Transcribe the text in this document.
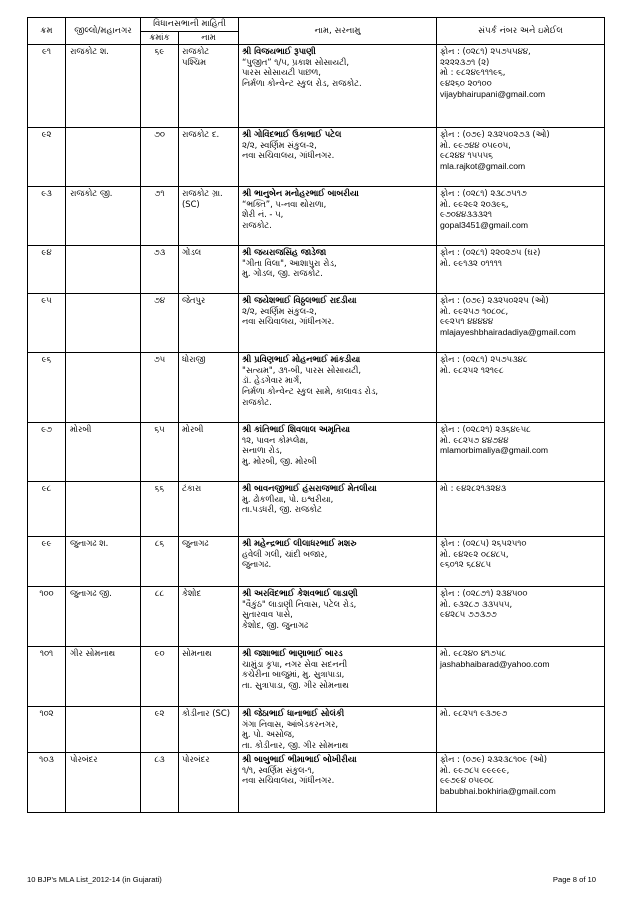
ક્રમ	જીલ્લો/મહાનગર	વિધાનસભાની માહિતી		નામ, સરનામુ	સંપર્ક નંબર અને ઇમેઈલ
		ક્રમાંક	નામ		
૯૧	રાજકોટ શ.	૬૯	રાજકોટ
પશ્ચિમ	શ્રી વિજયભાઈ રૂપાણી
“પુજીત” ૧/૫, પ્રકાશ સોસાયટી,
પારસ સોસાયટી પાછળ,
નિર્મળા કોન્વેન્ટ સ્કુલ રોડ, રાજકોટ.	ફોન : (૦૨૮૧) ૨૫૭૫૫૪૪,
૨૨૨૨૩૭૧ (૨)
મો : ૯૮૨૪૯૧૧૧૯૬,
૯૪૨૬૦ ૨૦૧૦૦
vijaybhairupani@gmail.com

૯૨		૭૦	રાજકોટ દ.	શ્રી ગોવિંદભાઈ ઉકાભાઈ પટેલ
૨/૨, સ્વર્ણિમ સંકુલ-૨,
નવા સચિવાલય, ગાંધીનગર.	ફોન : (૦૭૯) ૨૩૨૫૦૨૭૩ (ઓ)
મો. ૯૯૭૪૪ ૦૫૯૦૫,
૯૮૨૪૪ ૧૫૫૫૬
mla.rajkot@gmail.com

૯૩	રાજકોટ જી.	૭૧	રાજકોટ ગ્રા.
(SC)	શ્રી ભાનુબેન મનોહરભાઈ બાબરીયા
“ભક્તિ”, ૫-નવા થોરાળા,
શેરી નં. - ૫,
રાજકોટ.	ફોન : (૦૨૮૧) ૨૩૮૭૫૧૭
મો. ૯૯૨૯૨ ૨૦૩૯૬,
૯૭૦૪૪૩૩૩૨૧
gopal3451@gmail.com

૯૪		૭૩	ગોંડલ	શ્રી જયરાજસિંહ જાડેજા
"ગીતા વિલા", આશાપુરા રોડ,
મુ. ગોંડલ, જી. રાજકોટ.	ફોન : (૦૨૮૧) ૨૨૦૨૭૫ (ઘર)
મો. ૯૯૧૩૨ ૦૧૧૧૧

૯૫		૭૪	જેતપુર	શ્રી જયેશભાઈ વિઠ્ઠલભાઈ રાદડીયા
૨/૨, સ્વર્ણિમ સંકુલ-૨,
નવા સચિવાલય, ગાંધીનગર.	ફોન : (૦૭૯) ૨૩૨૫૦૨૨૫ (ઓ)
મો. ૯૯૨૫૭ ૧૦૮૦૮,
૯૯૨૫૧ ૪૪૪૪૪
mlajayeshbhairadadiya@gmail.com

૯૬		૭૫	ધોરાજી	શ્રી પ્રવિણભાઈ મોહનભાઈ માંકડીયા
"સત્યમ", ૩૧-બી, પારસ સોસાયટી,
ડૉ. હેડગેવાર માર્ગ,
નિર્મળા કોન્વેન્ટ સ્કુલ સામે, કાલાવડ રોડ,
રાજકોટ.	ફોન : (૦૨૮૧) ૨૫૭૫૩૪૮
મો. ૯૮૨૫૨ ૧૨૧૯૮

૯૭	મોરબી	૬૫	મોરબી	શ્રી કાંતિભાઈ શિવલાલ અમૃતિયા
૧૨, પાવન કોમ્પ્લેક્ષ,
સનાળા રોડ,
મુ. મોરબી, જી. મોરબી	ફોન : (૦૨૮૨૧) ૨૩૬૪૯૫૮
મો. ૯૮૨૫૭ ૪૪૭૪૪
mlamorbimaliya@gmail.com

૯૮		૬૬	ટંકારા	શ્રી બાવનજીભાઈ હંસરાજભાઈ મેતલીયા
મુ. ઢોકળીયા, પો. ઇશ્વરીયા,
તા.પડધરી, જી. રાજકોટ	મો : ૯૪૨૮૨૧૩૨૪૩

૯૯	જુનાગઢ શ.	૮૬	જુનાગઢ	શ્રી મહેન્દ્રભાઈ લીલાધરભાઈ મશરુ
હવેલી ગલી, ચાંદી બજાર,
જુનાગઢ.	ફોન : (૦૨૮૫) ૨૬૫૨૫૧૦
મો. ૯૪૨૯૨ ૦૮૪૮૫,
૯૬૦૧૨ ૬૮૪૮૫

૧૦૦	જુનાગઢ જી.	૮૮	કેશોદ	શ્રી અરવિંદભાઈ કેશવભાઈ લાડાણી
"વૈકુંઠ" લાડાણી નિવાસ, પટેલ રોડ,
સુતારવાવ પાસે,
કેશોદ, જી. જુનાગઢ	ફોન : (૦૨૮૭૧) ૨૩૪૫૦૦
મો. ૯૩૨૮૭ ૩૩૫૫૫,
૯૪૨૮૫ ૭૭૩૭૭

૧૦૧	ગીર સોમનાથ	૯૦	સોમનાથ	શ્રી જશાભાઈ ભાણાભાઈ બારડ
ચામુંડા કૃપા, નગર સેવા સદનની
કચેરીના બાજુમાં, મુ. સુત્રાપાડા,
તા. સુત્રાપાડા, જી. ગીર સોમનાથ	મો. ૯૮૨૪૦ ૪૧૭૫૮
jashabhaibarad@yahoo.com

૧૦૨		૯૨	કોડીનાર (SC)	શ્રી જેઠાભાઈ ધાનાભાઈ સોલંકી
ગંગા નિવાસ, આંબેડકરનગર,
મુ. પો. અસોજ,
તા. કોડીનાર, જી. ગીર સોમનાથ	મો. ૯૮૨૫૧ ૯૩૭૯૭

૧૦૩	પોરબંદર	૮૩	પોરબંદર	શ્રી બાબુભાઈ ભીમાભાઈ બોખીરીયા
૧/૧, સ્વર્ણિમ સંકુલ-૧,
નવા સચિવાલય, ગાંધીનગર.	ફોન : (૦૭૯) ૨૩૨૩૮૧૦૯ (ઓ)
મો. ૯૯૭૮૫ ૯૯૯૯૯,
૯૯૭૯૪ ૦૫૯૦૮
babubhai.bokhiria@gmail.com
10 BJP's MLA List_2012-14 (in Gujarati)	Page 8 of 10
